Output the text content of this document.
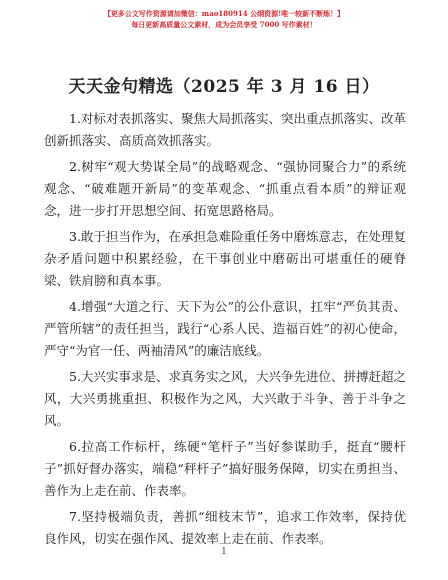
【更多公文写作资源请加微信：mao180914 公纲资源!唯一较新不断炼！】
每日更新高质量公文素材，成为会员享受 7000 写作素材！
天天金句精选（2025 年 3 月 16 日）

1.对标对表抓落实、聚焦大局抓落实、突出重点抓落实、改革创新抓落实、高质高效抓落实。

2.树牢“观大势谋全局”的战略观念、“强协同聚合力”的系统观念、“破难题开新局”的变革观念、“抓重点看本质”的辩证观念，进一步打开思想空间、拓宽思路格局。

3.敢于担当作为，在承担急难险重任务中磨炼意志，在处理复杂矛盾问题中积累经验，在干事创业中磨砺出可堪重任的硬脊梁、铁肩膀和真本事。

4.增强“大道之行、天下为公”的公仆意识，扛牢“严负其责、严管所辖”的责任担当，践行“心系人民、造福百姓”的初心使命，严守“为官一任、两袖清风”的廉洁底线。

5.大兴实事求是、求真务实之风，大兴争先进位、拼搏赶超之风，大兴勇挑重担、积极作为之风，大兴敢于斗争、善于斗争之风。

6.拉高工作标杆，练硬“笔杆子”当好参谋助手，挺直“腰杆子”抓好督办落实，端稳“秤杆子”搞好服务保障，切实在勇担当、善作为上走在前、作表率。

7.坚持极端负责，善抓“细枝末节”，追求工作效率，保持优良作风，切实在强作风、提效率上走在前、作表率。

1
